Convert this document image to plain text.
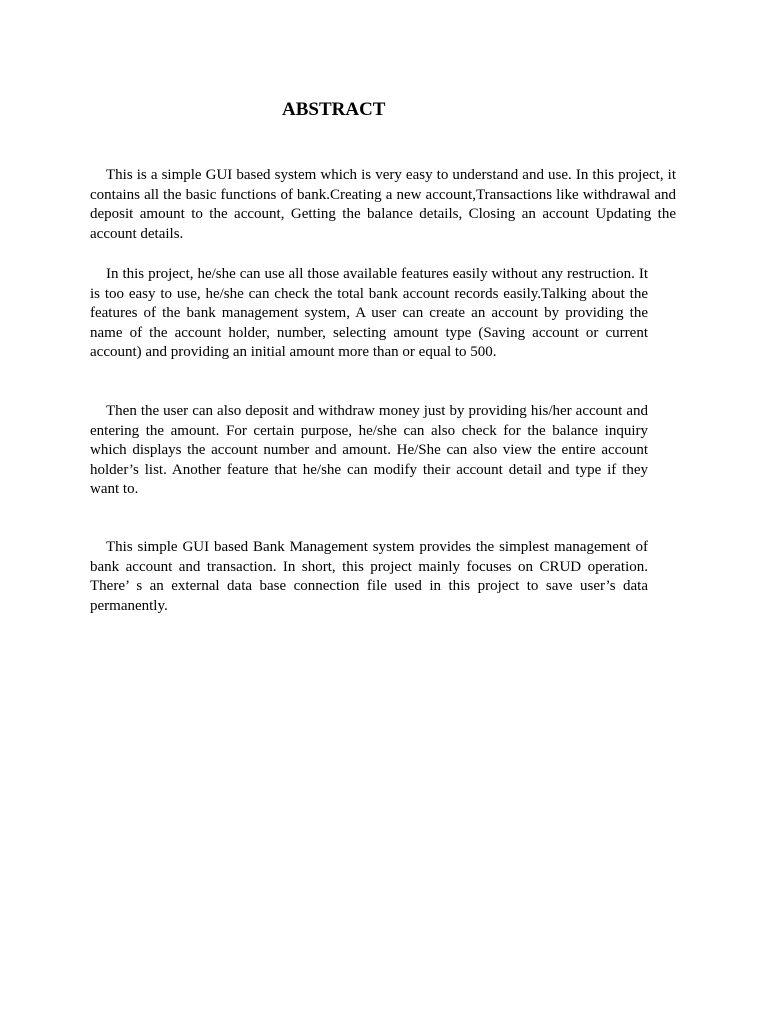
ABSTRACT

This is a simple GUI based system which is very easy to understand and use. In this project, it contains all the basic functions of bank.Creating a new account,Transactions like withdrawal and deposit amount to the account, Getting the balance details, Closing an account Updating the account details.

In this project, he/she can use all those available features easily without any restruction. It is too easy to use, he/she can check the total bank account records easily.Talking about the features of the bank management system, A user can create an account by providing the name of the account holder, number, selecting amount type (Saving account or current account) and providing an initial amount more than or equal to 500.

Then the user can also deposit and withdraw money just by providing his/her account and entering the amount. For certain purpose, he/she can also check for the balance inquiry which displays the account number and amount. He/She can also view the entire account holder’s list. Another feature that he/she can modify their account detail and type if they want to.

This simple GUI based Bank Management system provides the simplest management of bank account and transaction. In short, this project mainly focuses on CRUD operation. There’ s an external data base connection file used in this project to save user’s data permanently.
